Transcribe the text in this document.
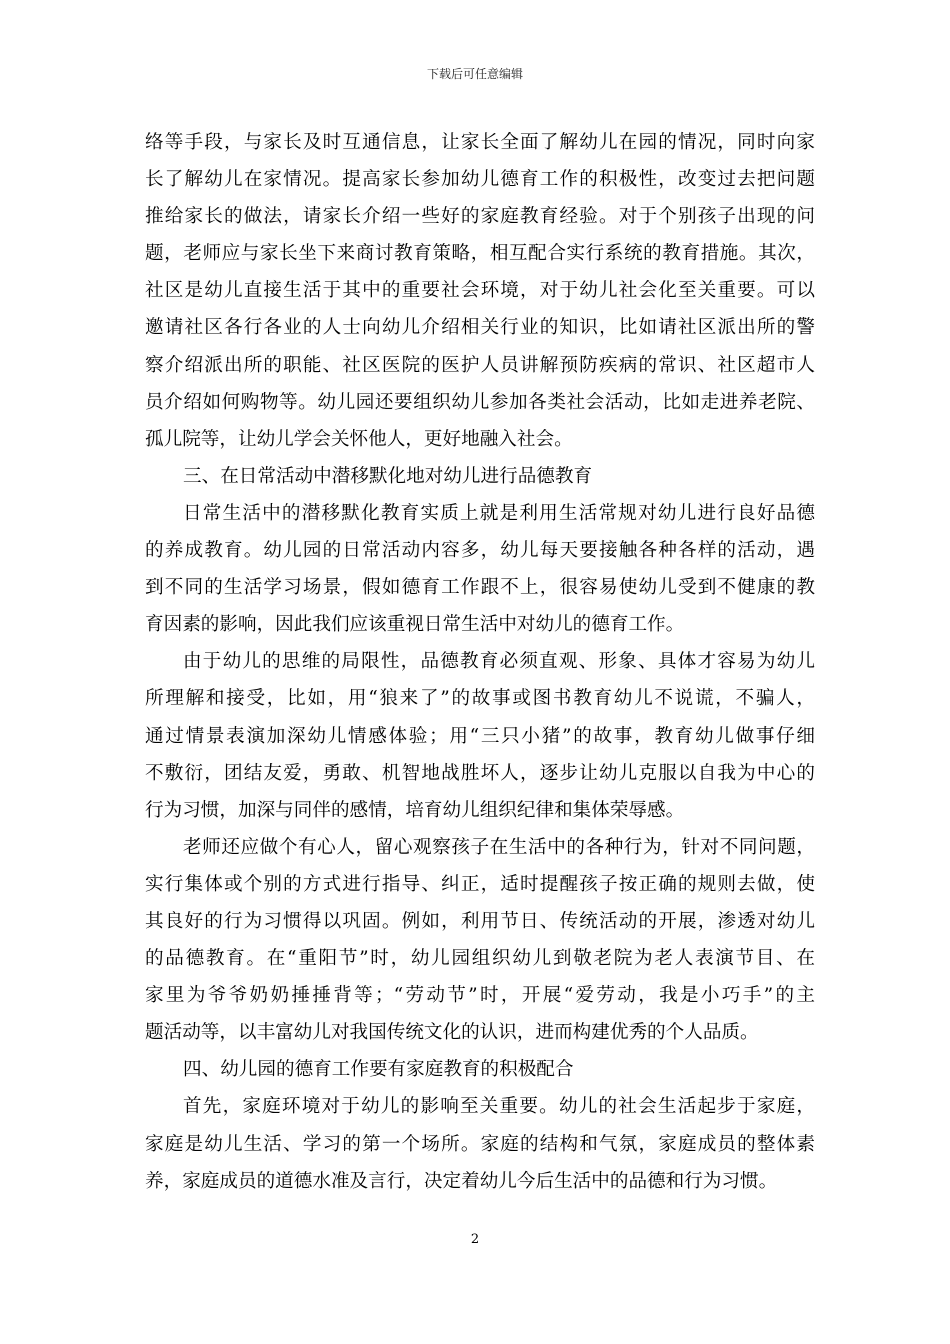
下载后可任意编辑
络等手段，与家长及时互通信息，让家长全面了解幼儿在园的情况，同时向家
长了解幼儿在家情况。提高家长参加幼儿德育工作的积极性，改变过去把问题
推给家长的做法，请家长介绍一些好的家庭教育经验。对于个别孩子出现的问
题，老师应与家长坐下来商讨教育策略，相互配合实行系统的教育措施。其次，
社区是幼儿直接生活于其中的重要社会环境，对于幼儿社会化至关重要。可以
邀请社区各行各业的人士向幼儿介绍相关行业的知识，比如请社区派出所的警
察介绍派出所的职能、社区医院的医护人员讲解预防疾病的常识、社区超市人
员介绍如何购物等。幼儿园还要组织幼儿参加各类社会活动，比如走进养老院、
孤儿院等，让幼儿学会关怀他人，更好地融入社会。
三、在日常活动中潜移默化地对幼儿进行品德教育
日常生活中的潜移默化教育实质上就是利用生活常规对幼儿进行良好品德
的养成教育。幼儿园的日常活动内容多，幼儿每天要接触各种各样的活动，遇
到不同的生活学习场景，假如德育工作跟不上，很容易使幼儿受到不健康的教
育因素的影响，因此我们应该重视日常生活中对幼儿的德育工作。
由于幼儿的思维的局限性，品德教育必须直观、形象、具体才容易为幼儿
所理解和接受，比如，用“狼来了”的故事或图书教育幼儿不说谎，不骗人，
通过情景表演加深幼儿情感体验；用“三只小猪”的故事，教育幼儿做事仔细
不敷衍，团结友爱，勇敢、机智地战胜坏人，逐步让幼儿克服以自我为中心的
行为习惯，加深与同伴的感情，培育幼儿组织纪律和集体荣辱感。
老师还应做个有心人，留心观察孩子在生活中的各种行为，针对不同问题，
实行集体或个别的方式进行指导、纠正，适时提醒孩子按正确的规则去做，使
其良好的行为习惯得以巩固。例如，利用节日、传统活动的开展，渗透对幼儿
的品德教育。在“重阳节”时，幼儿园组织幼儿到敬老院为老人表演节目、在
家里为爷爷奶奶捶捶背等；“劳动节”时，开展“爱劳动，我是小巧手”的主
题活动等，以丰富幼儿对我国传统文化的认识，进而构建优秀的个人品质。
四、幼儿园的德育工作要有家庭教育的积极配合
首先，家庭环境对于幼儿的影响至关重要。幼儿的社会生活起步于家庭，
家庭是幼儿生活、学习的第一个场所。家庭的结构和气氛，家庭成员的整体素
养，家庭成员的道德水准及言行，决定着幼儿今后生活中的品德和行为习惯。
2
